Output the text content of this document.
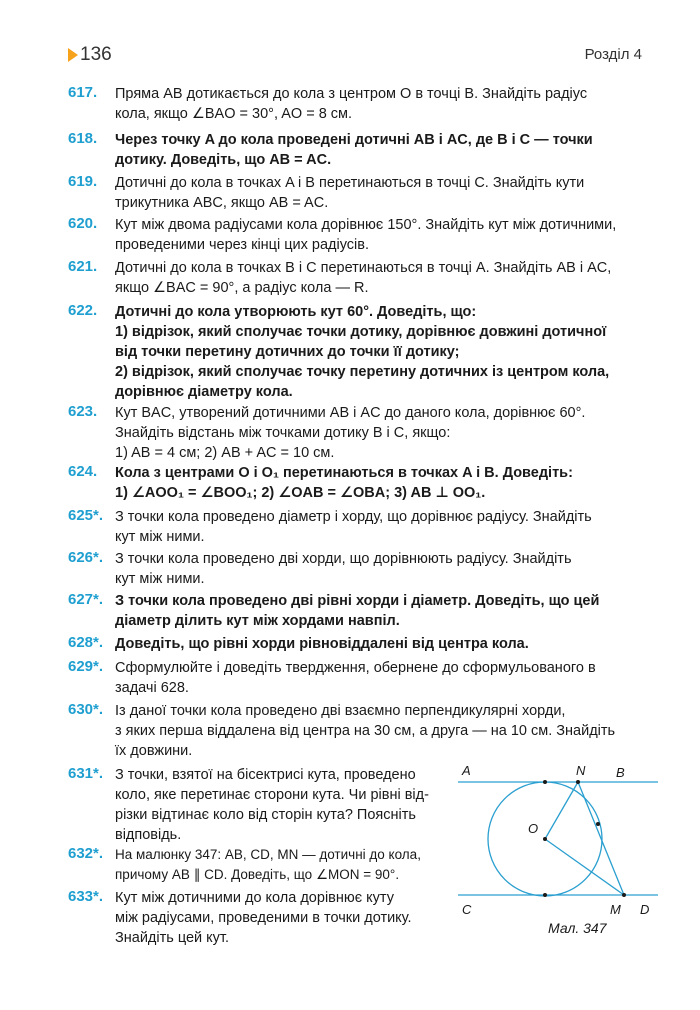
136	Розділ 4
617. Пряма AB дотикається до кола з центром O в точці B. Знайдіть радіус
кола, якщо ∠BAO = 30°, AO = 8 см.
618. Через точку A до кола проведені дотичні AB і AC, де B і C — точки
дотику. Доведіть, що AB = AC.
619. Дотичні до кола в точках A і B перетинаються в точці C. Знайдіть кути
трикутника ABC, якщо AB = AC.
620. Кут між двома радіусами кола дорівнює 150°. Знайдіть кут між дотичними,
проведеними через кінці цих радіусів.
621. Дотичні до кола в точках B і C перетинаються в точці A. Знайдіть AB і AC,
якщо ∠BAC = 90°, а радіус кола — R.
622. Дотичні до кола утворюють кут 60°. Доведіть, що:
1) відрізок, який сполучає точки дотику, дорівнює довжині дотичної
від точки перетину дотичних до точки її дотику;
2) відрізок, який сполучає точку перетину дотичних із центром кола,
дорівнює діаметру кола.
623. Кут BAC, утворений дотичними AB і AC до даного кола, дорівнює 60°.
Знайдіть відстань між точками дотику B і C, якщо:
1) AB = 4 см; 2) AB + AC = 10 см.
624. Кола з центрами O і O₁ перетинаються в точках A і B. Доведіть:
1) ∠AOO₁ = ∠BOO₁; 2) ∠OAB = ∠OBA; 3) AB ⊥ OO₁.
625*. З точки кола проведено діаметр і хорду, що дорівнює радіусу. Знайдіть
кут між ними.
626*. З точки кола проведено дві хорди, що дорівнюють радіусу. Знайдіть
кут між ними.
627*. З точки кола проведено дві рівні хорди і діаметр. Доведіть, що цей
діаметр ділить кут між хордами навпіл.
628*. Доведіть, що рівні хорди рівновіддалені від центра кола.
629*. Сформулюйте і доведіть твердження, обернене до сформульованого в
задачі 628.
630*. Із даної точки кола проведено дві взаємно перпендикулярні хорди,
з яких перша віддалена від центра на 30 см, а друга — на 10 см. Знайдіть
їх довжини.
631*. З точки, взятої на бісектрисі кута, проведено
коло, яке перетинає сторони кута. Чи рівні від-
різки відтинає коло від сторін кута? Поясніть
відповідь.
632*. На малюнку 347: AB, CD, MN — дотичні до кола,
причому AB ∥ CD. Доведіть, що ∠MON = 90°.
633*. Кут між дотичними до кола дорівнює куту
між радіусами, проведеними в точки дотику.
Знайдіть цей кут.
A	N B
O
C	M D
Мал. 347
